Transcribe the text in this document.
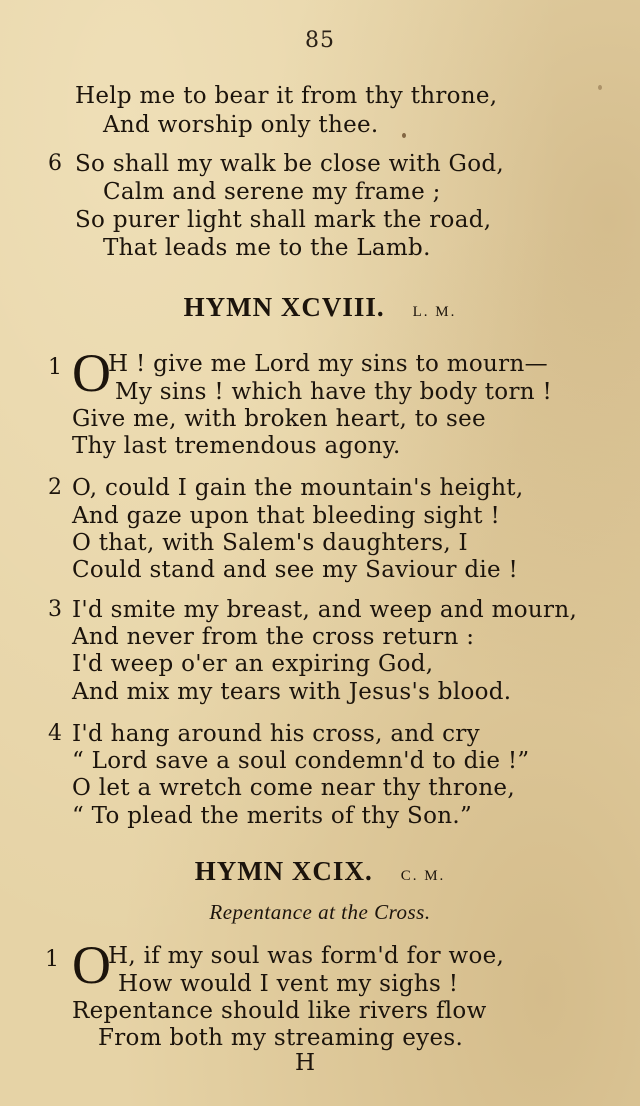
85
Help me to bear it from thy throne,
And worship only thee.
6 So shall my walk be close with God,
Calm and serene my frame ;
So purer light shall mark the road,
That leads me to the Lamb.
HYMN XCVIII. L. M.
1 O
H ! give me Lord my sins to mourn—
My sins ! which have thy body torn !
Give me, with broken heart, to see
Thy last tremendous agony.
2 O, could I gain the mountain's height,
And gaze upon that bleeding sight !
O that, with Salem's daughters, I
Could stand and see my Saviour die !
3 I'd smite my breast, and weep and mourn,
And never from the cross return :
I'd weep o'er an expiring God,
And mix my tears with Jesus's blood.
4 I'd hang around his cross, and cry
“ Lord save a soul condemn'd to die !”
O let a wretch come near thy throne,
“ To plead the merits of thy Son.”
HYMN XCIX. C. M.
Repentance at the Cross.
1 O
H, if my soul was form'd for woe,
How would I vent my sighs !
Repentance should like rivers flow
From both my streaming eyes.
H
